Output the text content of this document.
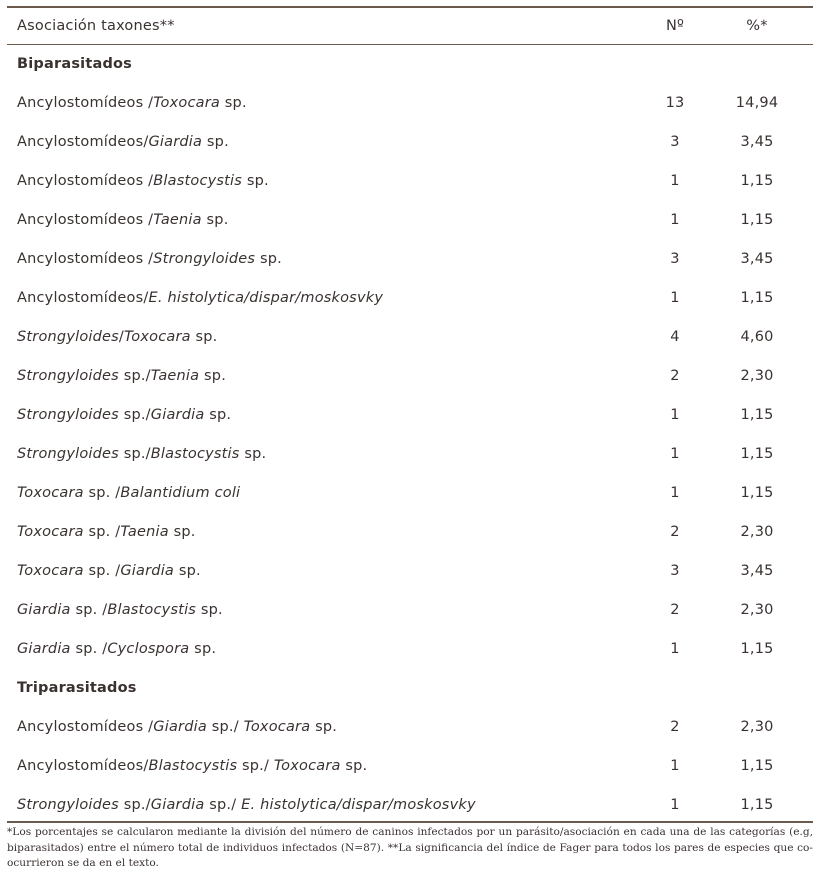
Asociación taxones**	Nº	%*
Biparasitados
Ancylostomídeos /Toxocara sp.	13	14,94
Ancylostomídeos/Giardia sp.	3	3,45
Ancylostomídeos /Blastocystis sp.	1	1,15
Ancylostomídeos /Taenia sp.	1	1,15
Ancylostomídeos /Strongyloides sp.	3	3,45
Ancylostomídeos/E. histolytica/dispar/moskosvky	1	1,15
Strongyloides/Toxocara sp.	4	4,60
Strongyloides sp./Taenia sp.	2	2,30
Strongyloides sp./Giardia sp.	1	1,15
Strongyloides sp./Blastocystis sp.	1	1,15
Toxocara sp. /Balantidium coli	1	1,15
Toxocara sp. /Taenia sp.	2	2,30
Toxocara sp. /Giardia sp.	3	3,45
Giardia sp. /Blastocystis sp.	2	2,30
Giardia sp. /Cyclospora sp.	1	1,15
Triparasitados
Ancylostomídeos /Giardia sp./ Toxocara sp.	2	2,30
Ancylostomídeos/Blastocystis sp./ Toxocara sp.	1	1,15
Strongyloides sp./Giardia sp./ E. histolytica/dispar/moskosvky	1	1,15
*Los porcentajes se calcularon mediante la división del número de caninos infectados por un parásito/asociación en cada una de las categorías (e.g, biparasitados) entre el número total de individuos infectados (N=87). **La significancia del índice de Fager para todos los pares de especies que co-ocurrieron se da en el texto.
